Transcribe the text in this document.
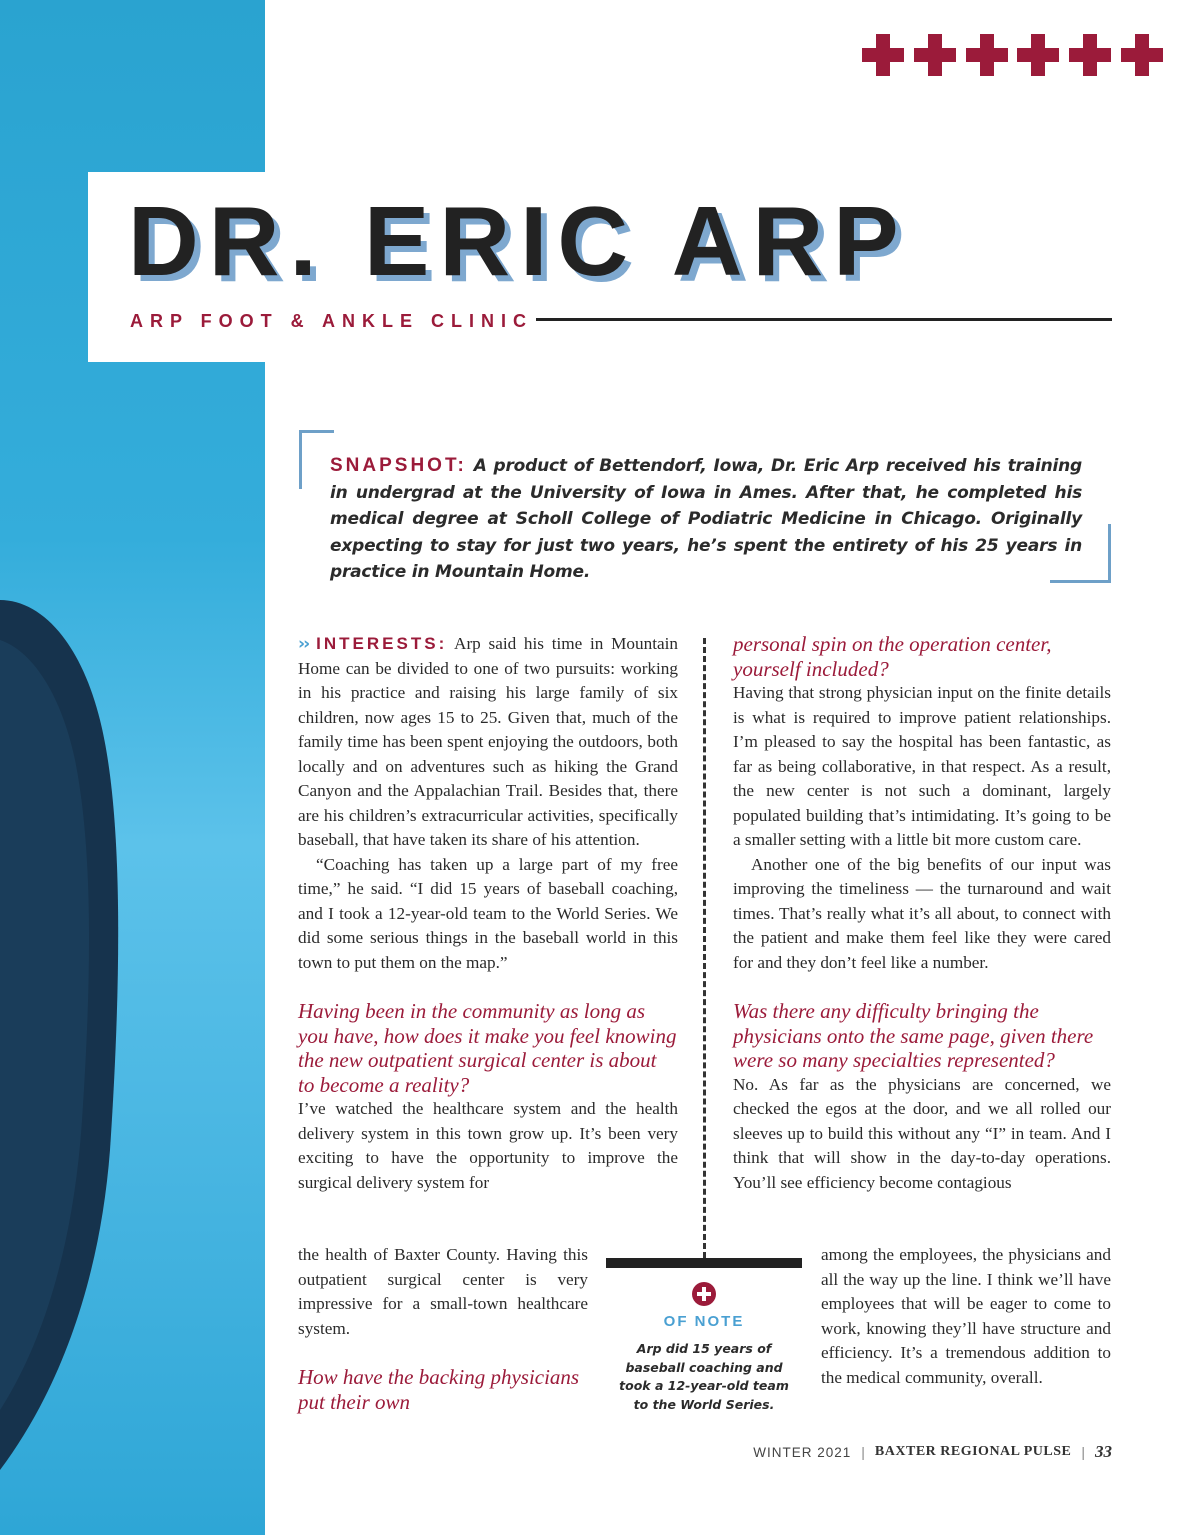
DR. ERIC ARP
ARP FOOT & ANKLE CLINIC
SNAPSHOT: A product of Bettendorf, Iowa, Dr. Eric Arp received his training in undergrad at the University of Iowa in Ames. After that, he completed his medical degree at Scholl College of Podiatric Medicine in Chicago. Originally expecting to stay for just two years, he’s spent the entirety of his 25 years in practice in Mountain Home.

›› INTERESTS: Arp said his time in Mountain Home can be divided to one of two pursuits: working in his practice and raising his large family of six children, now ages 15 to 25. Given that, much of the family time has been spent enjoying the outdoors, both locally and on adventures such as hiking the Grand Canyon and the Appalachian Trail. Besides that, there are his children’s extracurricular activities, specifically baseball, that have taken its share of his attention.

“Coaching has taken up a large part of my free time,” he said. “I did 15 years of baseball coaching, and I took a 12-year-old team to the World Series. We did some serious things in the baseball world in this town to put them on the map.”

Having been in the community as long as you have, how does it make you feel knowing the new outpatient surgical center is about to become a reality?

I’ve watched the healthcare system and the health delivery system in this town grow up. It’s been very exciting to have the opportunity to improve the surgical delivery system for

the health of Baxter County. Having this outpatient surgical center is very impressive for a small-town healthcare system.

How have the backing physicians put their own

personal spin on the operation center, yourself included?

Having that strong physician input on the finite details is what is required to improve patient relationships. I’m pleased to say the hospital has been fantastic, as far as being collaborative, in that respect. As a result, the new center is not such a dominant, largely populated building that’s intimidating. It’s going to be a smaller setting with a little bit more custom care.

Another one of the big benefits of our input was improving the timeliness — the turnaround and wait times. That’s really what it’s all about, to connect with the patient and make them feel like they were cared for and they don’t feel like a number.

Was there any difficulty bringing the physicians onto the same page, given there were so many specialties represented?

No. As far as the physicians are concerned, we checked the egos at the door, and we all rolled our sleeves up to build this without any “I” in team. And I think that will show in the day-to-day operations. You’ll see efficiency become contagious

among the employees, the physicians and all the way up the line. I think we’ll have employees that will be eager to come to work, knowing they’ll have structure and efficiency. It’s a tremendous addition to the medical community, overall.

OF NOTE
Arp did 15 years of baseball coaching and took a 12-year-old team to the World Series.
WINTER 2021 | BAXTER REGIONAL PULSE | 33
